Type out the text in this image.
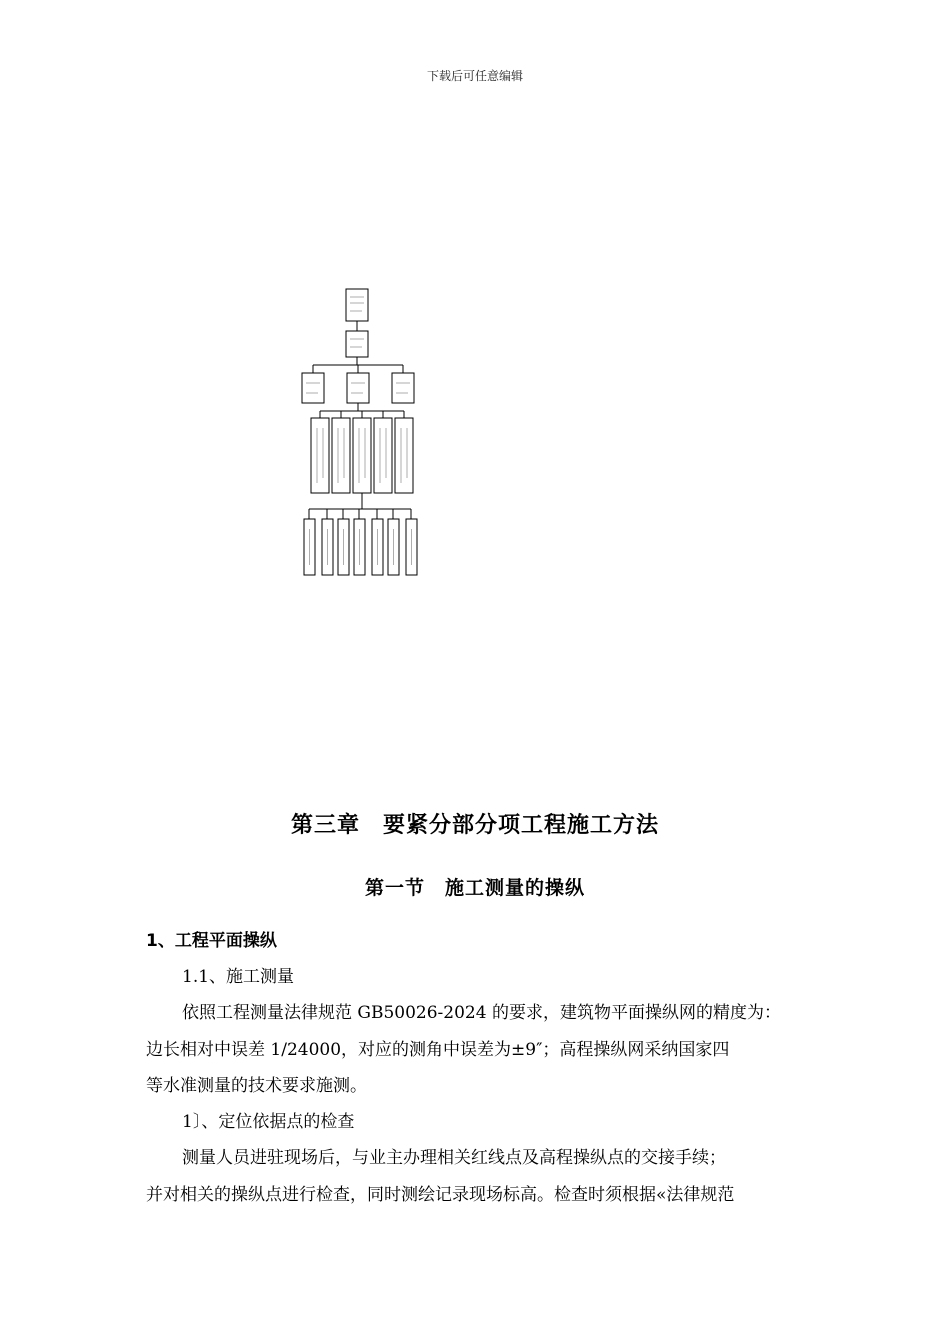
下载后可任意编辑
第三章　要紧分部分项工程施工方法
第一节　施工测量的操纵
1、工程平面操纵
1.1、施工测量
依照工程测量法律规范 GB50026-2024 的要求，建筑物平面操纵网的精度为：
边长相对中误差 1/24000，对应的测角中误差为±9″；高程操纵网采纳国家四
等水准测量的技术要求施测。
1〕、定位依据点的检查
测量人员进驻现场后，与业主办理相关红线点及高程操纵点的交接手续；
并对相关的操纵点进行检查，同时测绘记录现场标高。检查时须根据«法律规范
